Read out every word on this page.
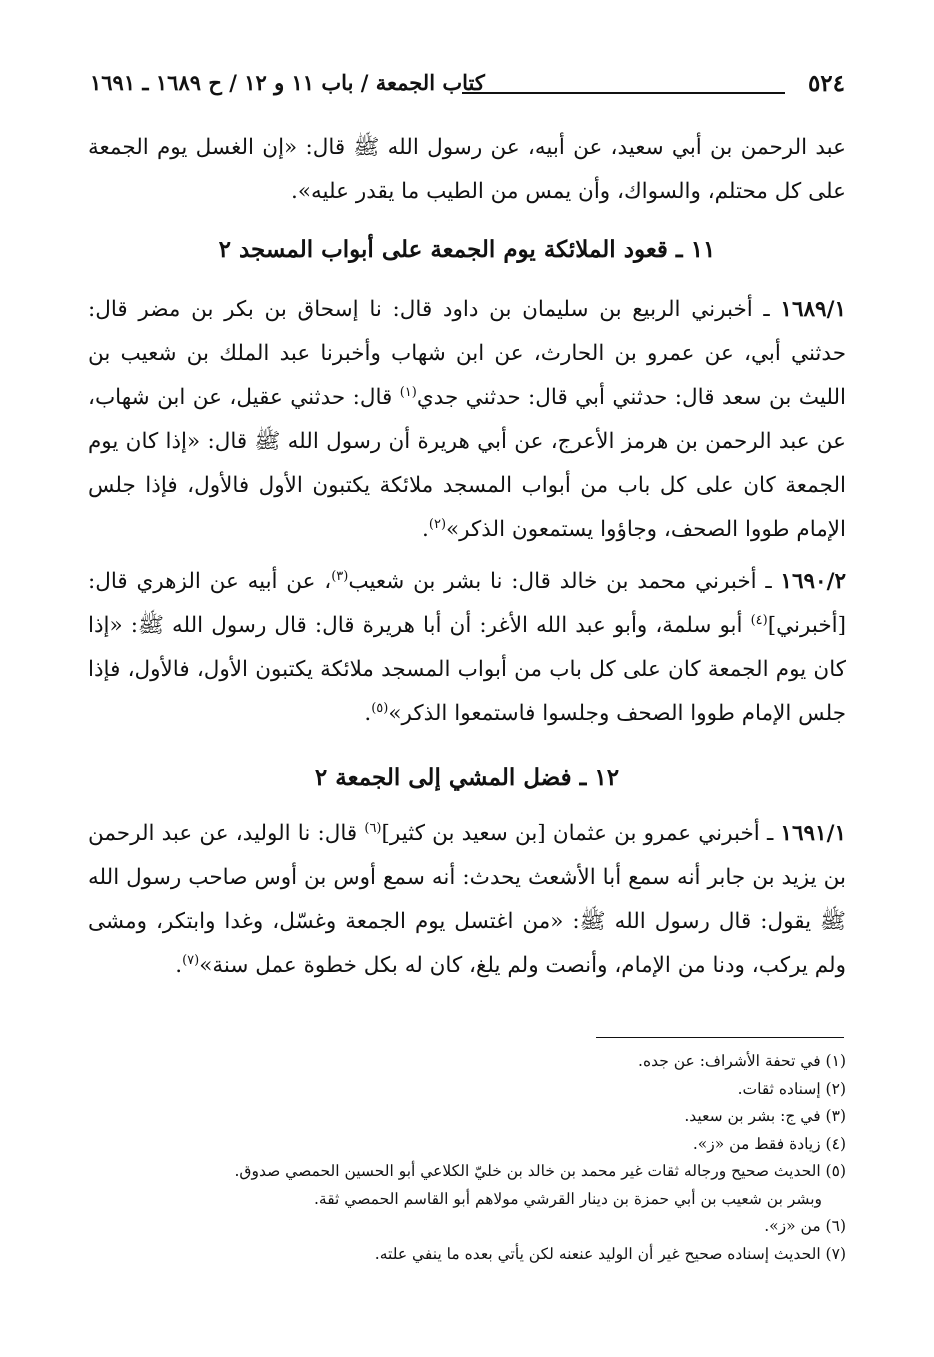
٥٢٤
كتاب الجمعة / باب ١١ و ١٢ / ح ١٦٨٩ ـ ١٦٩١
عبد الرحمن بن أبي سعيد، عن أبيه، عن رسول الله ﷺ قال: «إن الغسل يوم الجمعة على كل محتلم، والسواك، وأن يمس من الطيب ما يقدر عليه».
١١ ـ قعود الملائكة يوم الجمعة على أبواب المسجد ٢
١٦٨٩/١ ـ أخبرني الربيع بن سليمان بن داود قال: نا إسحاق بن بكر بن مضر قال: حدثني أبي، عن عمرو بن الحارث، عن ابن شهاب وأخبرنا عبد الملك بن شعيب بن الليث بن سعد قال: حدثني أبي قال: حدثني جدي$^{(١)}$ قال: حدثني عقيل، عن ابن شهاب، عن عبد الرحمن بن هرمز الأعرج، عن أبي هريرة أن رسول الله ﷺ قال: «إذا كان يوم الجمعة كان على كل باب من أبواب المسجد ملائكة يكتبون الأول فالأول، فإذا جلس الإمام طووا الصحف، وجاؤوا يستمعون الذكر»$^{(٢)}$.
١٦٩٠/٢ ـ أخبرني محمد بن خالد قال: نا بشر بن شعيب$^{(٣)}$، عن أبيه عن الزهري قال: [أخبرني]$^{(٤)}$ أبو سلمة، وأبو عبد الله الأغر: أن أبا هريرة قال: قال رسول الله ﷺ: «إذا كان يوم الجمعة كان على كل باب من أبواب المسجد ملائكة يكتبون الأول، فالأول، فإذا جلس الإمام طووا الصحف وجلسوا فاستمعوا الذكر»$^{(٥)}$.
١٢ ـ فضل المشي إلى الجمعة ٢
١٦٩١/١ ـ أخبرني عمرو بن عثمان [بن سعيد بن كثير]$^{(٦)}$ قال: نا الوليد، عن عبد الرحمن بن يزيد بن جابر أنه سمع أبا الأشعث يحدث: أنه سمع أوس بن أوس صاحب رسول الله ﷺ يقول: قال رسول الله ﷺ: «من اغتسل يوم الجمعة وغسّل، وغدا وابتكر، ومشى ولم يركب، ودنا من الإمام، وأنصت ولم يلغ، كان له بكل خطوة عمل سنة»$^{(٧)}$.
(١) في تحفة الأشراف: عن جده.
(٢) إسناده ثقات.
(٣) في ج: بشر بن سعيد.
(٤) زيادة فقط من «ز».
(٥) الحديث صحيح ورجاله ثقات غير محمد بن خالد بن خليّ الكلاعي أبو الحسين الحمصي صدوق.
وبشر بن شعيب بن أبي حمزة بن دينار القرشي مولاهم أبو القاسم الحمصي ثقة.
(٦) من «ز».
(٧) الحديث إسناده صحيح غير أن الوليد عنعنه لكن يأتي بعده ما ينفي علته.
